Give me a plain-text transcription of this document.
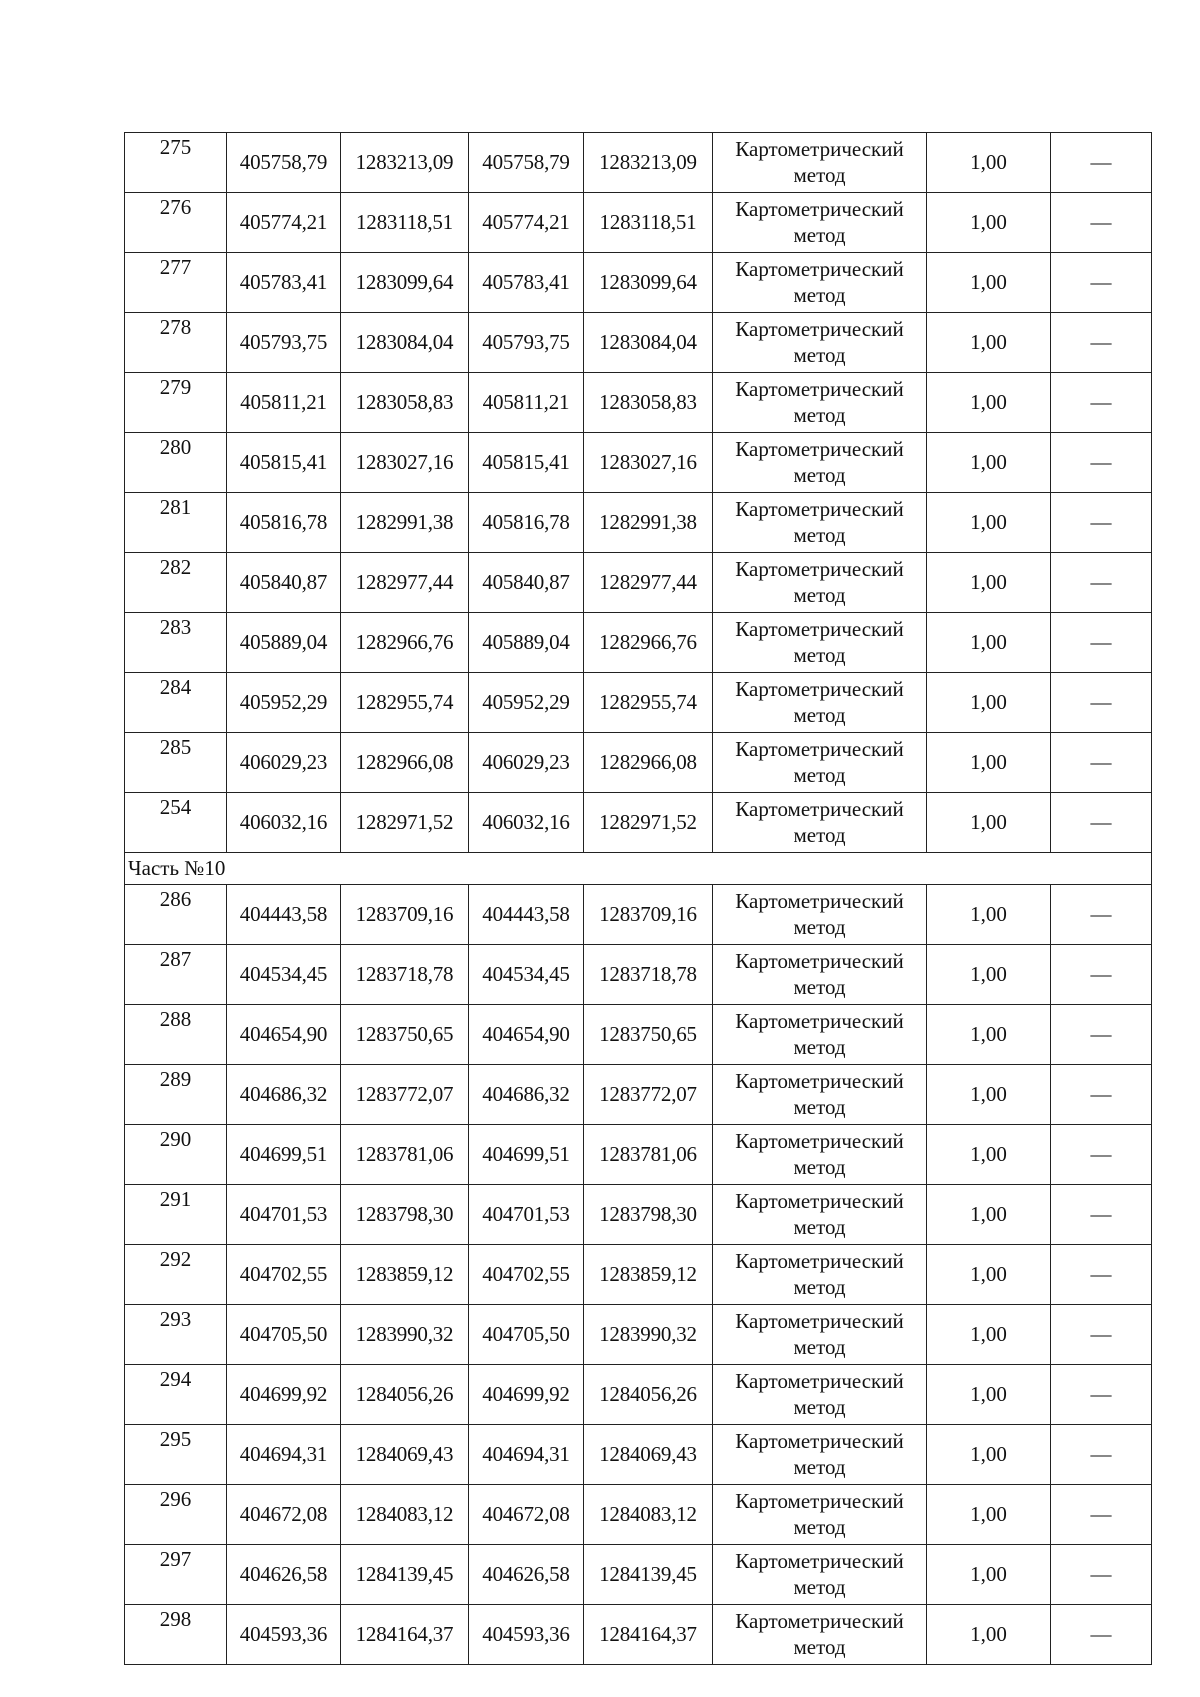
275	405758,79	1283213,09	405758,79	1283213,09	Картометрический метод	1,00	—
276	405774,21	1283118,51	405774,21	1283118,51	Картометрический метод	1,00	—
277	405783,41	1283099,64	405783,41	1283099,64	Картометрический метод	1,00	—
278	405793,75	1283084,04	405793,75	1283084,04	Картометрический метод	1,00	—
279	405811,21	1283058,83	405811,21	1283058,83	Картометрический метод	1,00	—
280	405815,41	1283027,16	405815,41	1283027,16	Картометрический метод	1,00	—
281	405816,78	1282991,38	405816,78	1282991,38	Картометрический метод	1,00	—
282	405840,87	1282977,44	405840,87	1282977,44	Картометрический метод	1,00	—
283	405889,04	1282966,76	405889,04	1282966,76	Картометрический метод	1,00	—
284	405952,29	1282955,74	405952,29	1282955,74	Картометрический метод	1,00	—
285	406029,23	1282966,08	406029,23	1282966,08	Картометрический метод	1,00	—
254	406032,16	1282971,52	406032,16	1282971,52	Картометрический метод	1,00	—
Часть №10							
286	404443,58	1283709,16	404443,58	1283709,16	Картометрический метод	1,00	—
287	404534,45	1283718,78	404534,45	1283718,78	Картометрический метод	1,00	—
288	404654,90	1283750,65	404654,90	1283750,65	Картометрический метод	1,00	—
289	404686,32	1283772,07	404686,32	1283772,07	Картометрический метод	1,00	—
290	404699,51	1283781,06	404699,51	1283781,06	Картометрический метод	1,00	—
291	404701,53	1283798,30	404701,53	1283798,30	Картометрический метод	1,00	—
292	404702,55	1283859,12	404702,55	1283859,12	Картометрический метод	1,00	—
293	404705,50	1283990,32	404705,50	1283990,32	Картометрический метод	1,00	—
294	404699,92	1284056,26	404699,92	1284056,26	Картометрический метод	1,00	—
295	404694,31	1284069,43	404694,31	1284069,43	Картометрический метод	1,00	—
296	404672,08	1284083,12	404672,08	1284083,12	Картометрический метод	1,00	—
297	404626,58	1284139,45	404626,58	1284139,45	Картометрический метод	1,00	—
298	404593,36	1284164,37	404593,36	1284164,37	Картометрический метод	1,00	—
